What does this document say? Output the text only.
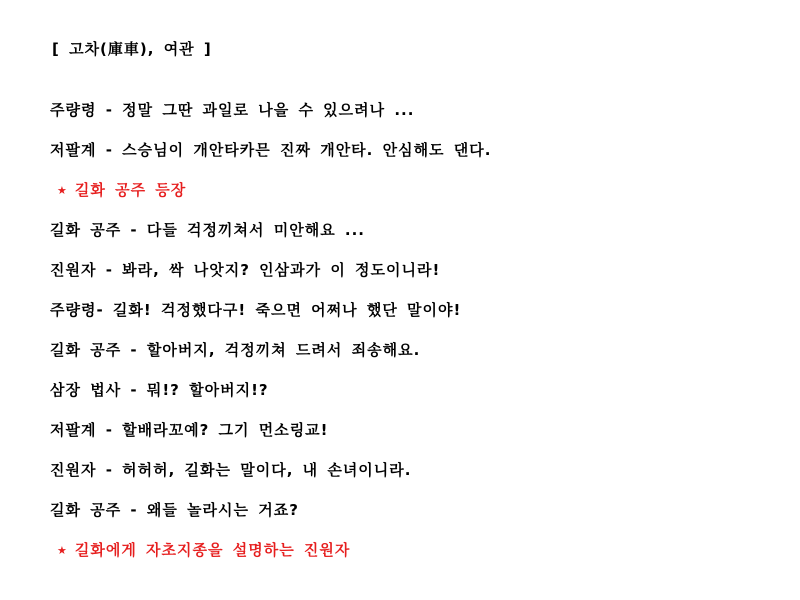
[ 고차(庫車), 여관 ]
주량령 - 정말 그딴 과일로 나을 수 있으려나 ...
저팔계 - 스승님이 개안타카믄 진짜 개안타. 안심해도 댄다.
★ 길화 공주 등장
길화 공주 - 다들 걱정끼쳐서 미안해요 ...
진원자 - 봐라, 싹 나앗지? 인삼과가 이 정도이니라!
주량령- 길화! 걱정했다구! 죽으면 어쩌나 했단 말이야!
길화 공주 - 할아버지, 걱정끼쳐 드려서 죄송해요.
삼장 법사 - 뭐!? 할아버지!?
저팔계 - 할배라꼬예? 그기 먼소링교!
진원자 - 허허허, 길화는 말이다, 내 손녀이니라.
길화 공주 - 왜들 놀라시는 거죠?
★ 길화에게 자초지종을 설명하는 진원자
